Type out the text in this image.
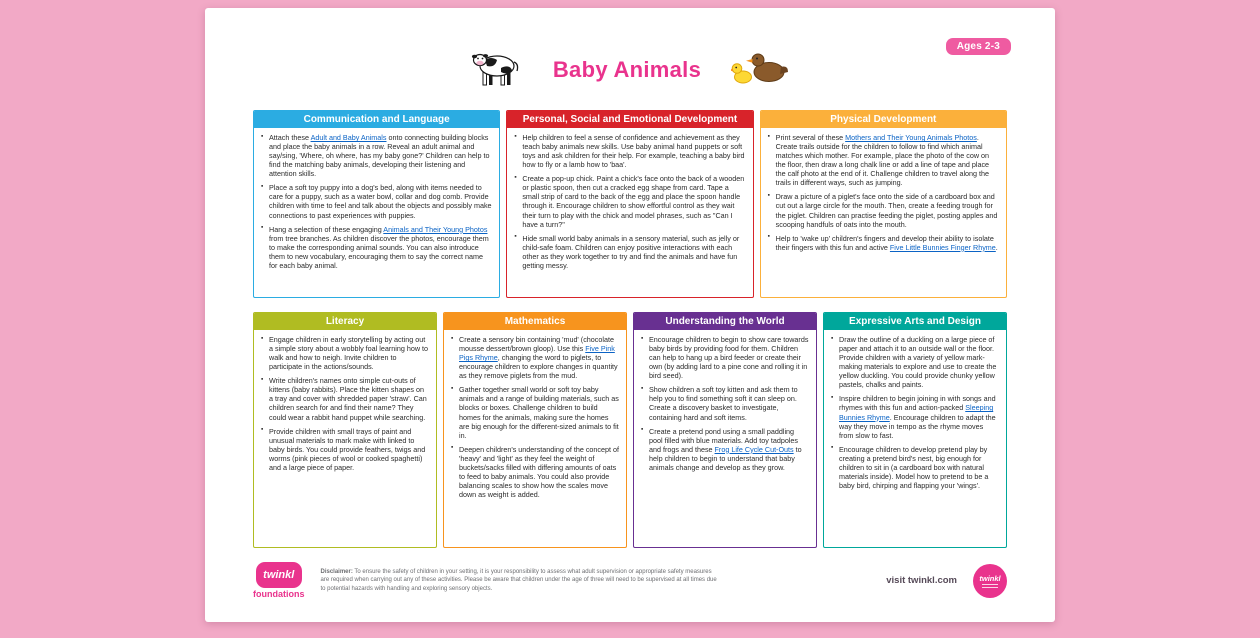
Ages 2-3
Baby Animals
Communication and Language
▪ Attach these Adult and Baby Animals onto connecting building blocks and place the baby animals in a row. Reveal an adult animal and say/sing, 'Where, oh where, has my baby gone?' Children can help to find the matching baby animals, developing their listening and attention skills.
▪ Place a soft toy puppy into a dog's bed, along with items needed to care for a puppy, such as a water bowl, collar and dog comb. Provide children with time to feel and talk about the objects and possibly make connections to past experiences with puppies.
▪ Hang a selection of these engaging Animals and Their Young Photos from tree branches. As children discover the photos, encourage them to make the corresponding animal sounds. You can also introduce them to new vocabulary, encouraging them to say the correct name for each baby animal.
Personal, Social and Emotional Development
▪ Help children to feel a sense of confidence and achievement as they teach baby animals new skills. Use baby animal hand puppets or soft toys and ask children for their help. For example, teaching a baby bird how to fly or a lamb how to 'baa'.
▪ Create a pop-up chick. Paint a chick's face onto the back of a wooden or plastic spoon, then cut a cracked egg shape from card. Tape a small strip of card to the back of the egg and place the spoon handle through it. Encourage children to show effortful control as they wait their turn to play with the chick and model phrases, such as "Can I have a turn?"
▪ Hide small world baby animals in a sensory material, such as jelly or child-safe foam. Children can enjoy positive interactions with each other as they work together to try and find the animals and have fun getting messy.
Physical Development
▪ Print several of these Mothers and Their Young Animals Photos. Create trails outside for the children to follow to find which animal matches which mother. For example, place the photo of the cow on the floor, then draw a long chalk line or add a line of tape and place the calf photo at the end of it. Challenge children to travel along the trails in different ways, such as jumping.
▪ Draw a picture of a piglet's face onto the side of a cardboard box and cut out a large circle for the mouth. Then, create a feeding trough for the piglet. Children can practise feeding the piglet, posting apples and scooping handfuls of oats into the mouth.
▪ Help to 'wake up' children's fingers and develop their ability to isolate their fingers with this fun and active Five Little Bunnies Finger Rhyme.
Literacy
▪ Engage children in early storytelling by acting out a simple story about a wobbly foal learning how to walk and how to neigh. Invite children to participate in the actions/sounds.
▪ Write children's names onto simple cut-outs of kittens (baby rabbits). Place the kitten shapes on a tray and cover with shredded paper 'straw'. Can children search for and find their name? They could wear a rabbit hand puppet while searching.
▪ Provide children with small trays of paint and unusual materials to mark make with linked to baby birds. You could provide feathers, twigs and worms (pink pieces of wool or cooked spaghetti) and a large piece of paper.
Mathematics
▪ Create a sensory bin containing 'mud' (chocolate mousse dessert/brown gloop). Use this Five Pink Pigs Rhyme, changing the word to piglets, to encourage children to explore changes in quantity as they remove piglets from the mud.
▪ Gather together small world or soft toy baby animals and a range of building materials, such as blocks or boxes. Challenge children to build homes for the animals, making sure the homes are big enough for the different-sized animals to fit in.
▪ Deepen children's understanding of the concept of 'heavy' and 'light' as they feel the weight of buckets/sacks filled with differing amounts of oats to feed to baby animals. You could also provide balancing scales to show how the scales move down as weight is added.
Understanding the World
▪ Encourage children to begin to show care towards baby birds by providing food for them. Children can help to hang up a bird feeder or create their own (by adding lard to a pine cone and rolling it in bird seed).
▪ Show children a soft toy kitten and ask them to help you to find something soft it can sleep on. Create a discovery basket to investigate, containing hard and soft items.
▪ Create a pretend pond using a small paddling pool filled with blue materials. Add toy tadpoles and frogs and these Frog Life Cycle Cut-Outs to help children to begin to understand that baby animals change and develop as they grow.
Expressive Arts and Design
▪ Draw the outline of a duckling on a large piece of paper and attach it to an outside wall or the floor. Provide children with a variety of yellow mark-making materials to explore and use to create the yellow duckling. You could provide chunky yellow pastels, chalks and paints.
▪ Inspire children to begin joining in with songs and rhymes with this fun and action-packed Sleeping Bunnies Rhyme. Encourage children to adapt the way they move in tempo as the rhyme moves from slow to fast.
▪ Encourage children to develop pretend play by creating a pretend bird's nest, big enough for children to sit in (a cardboard box with natural materials inside). Model how to pretend to be a baby bird, chirping and flapping your 'wings'.
twinkl
foundations
Disclaimer: To ensure the safety of children in your setting, it is your responsibility to assess what adult supervision or appropriate safety measures are required when carrying out any of these activities. Please be aware that children under the age of three will need to be supervised at all times due to potential hazards with handling and exploring sensory objects.
visit twinkl.com	twinkl
